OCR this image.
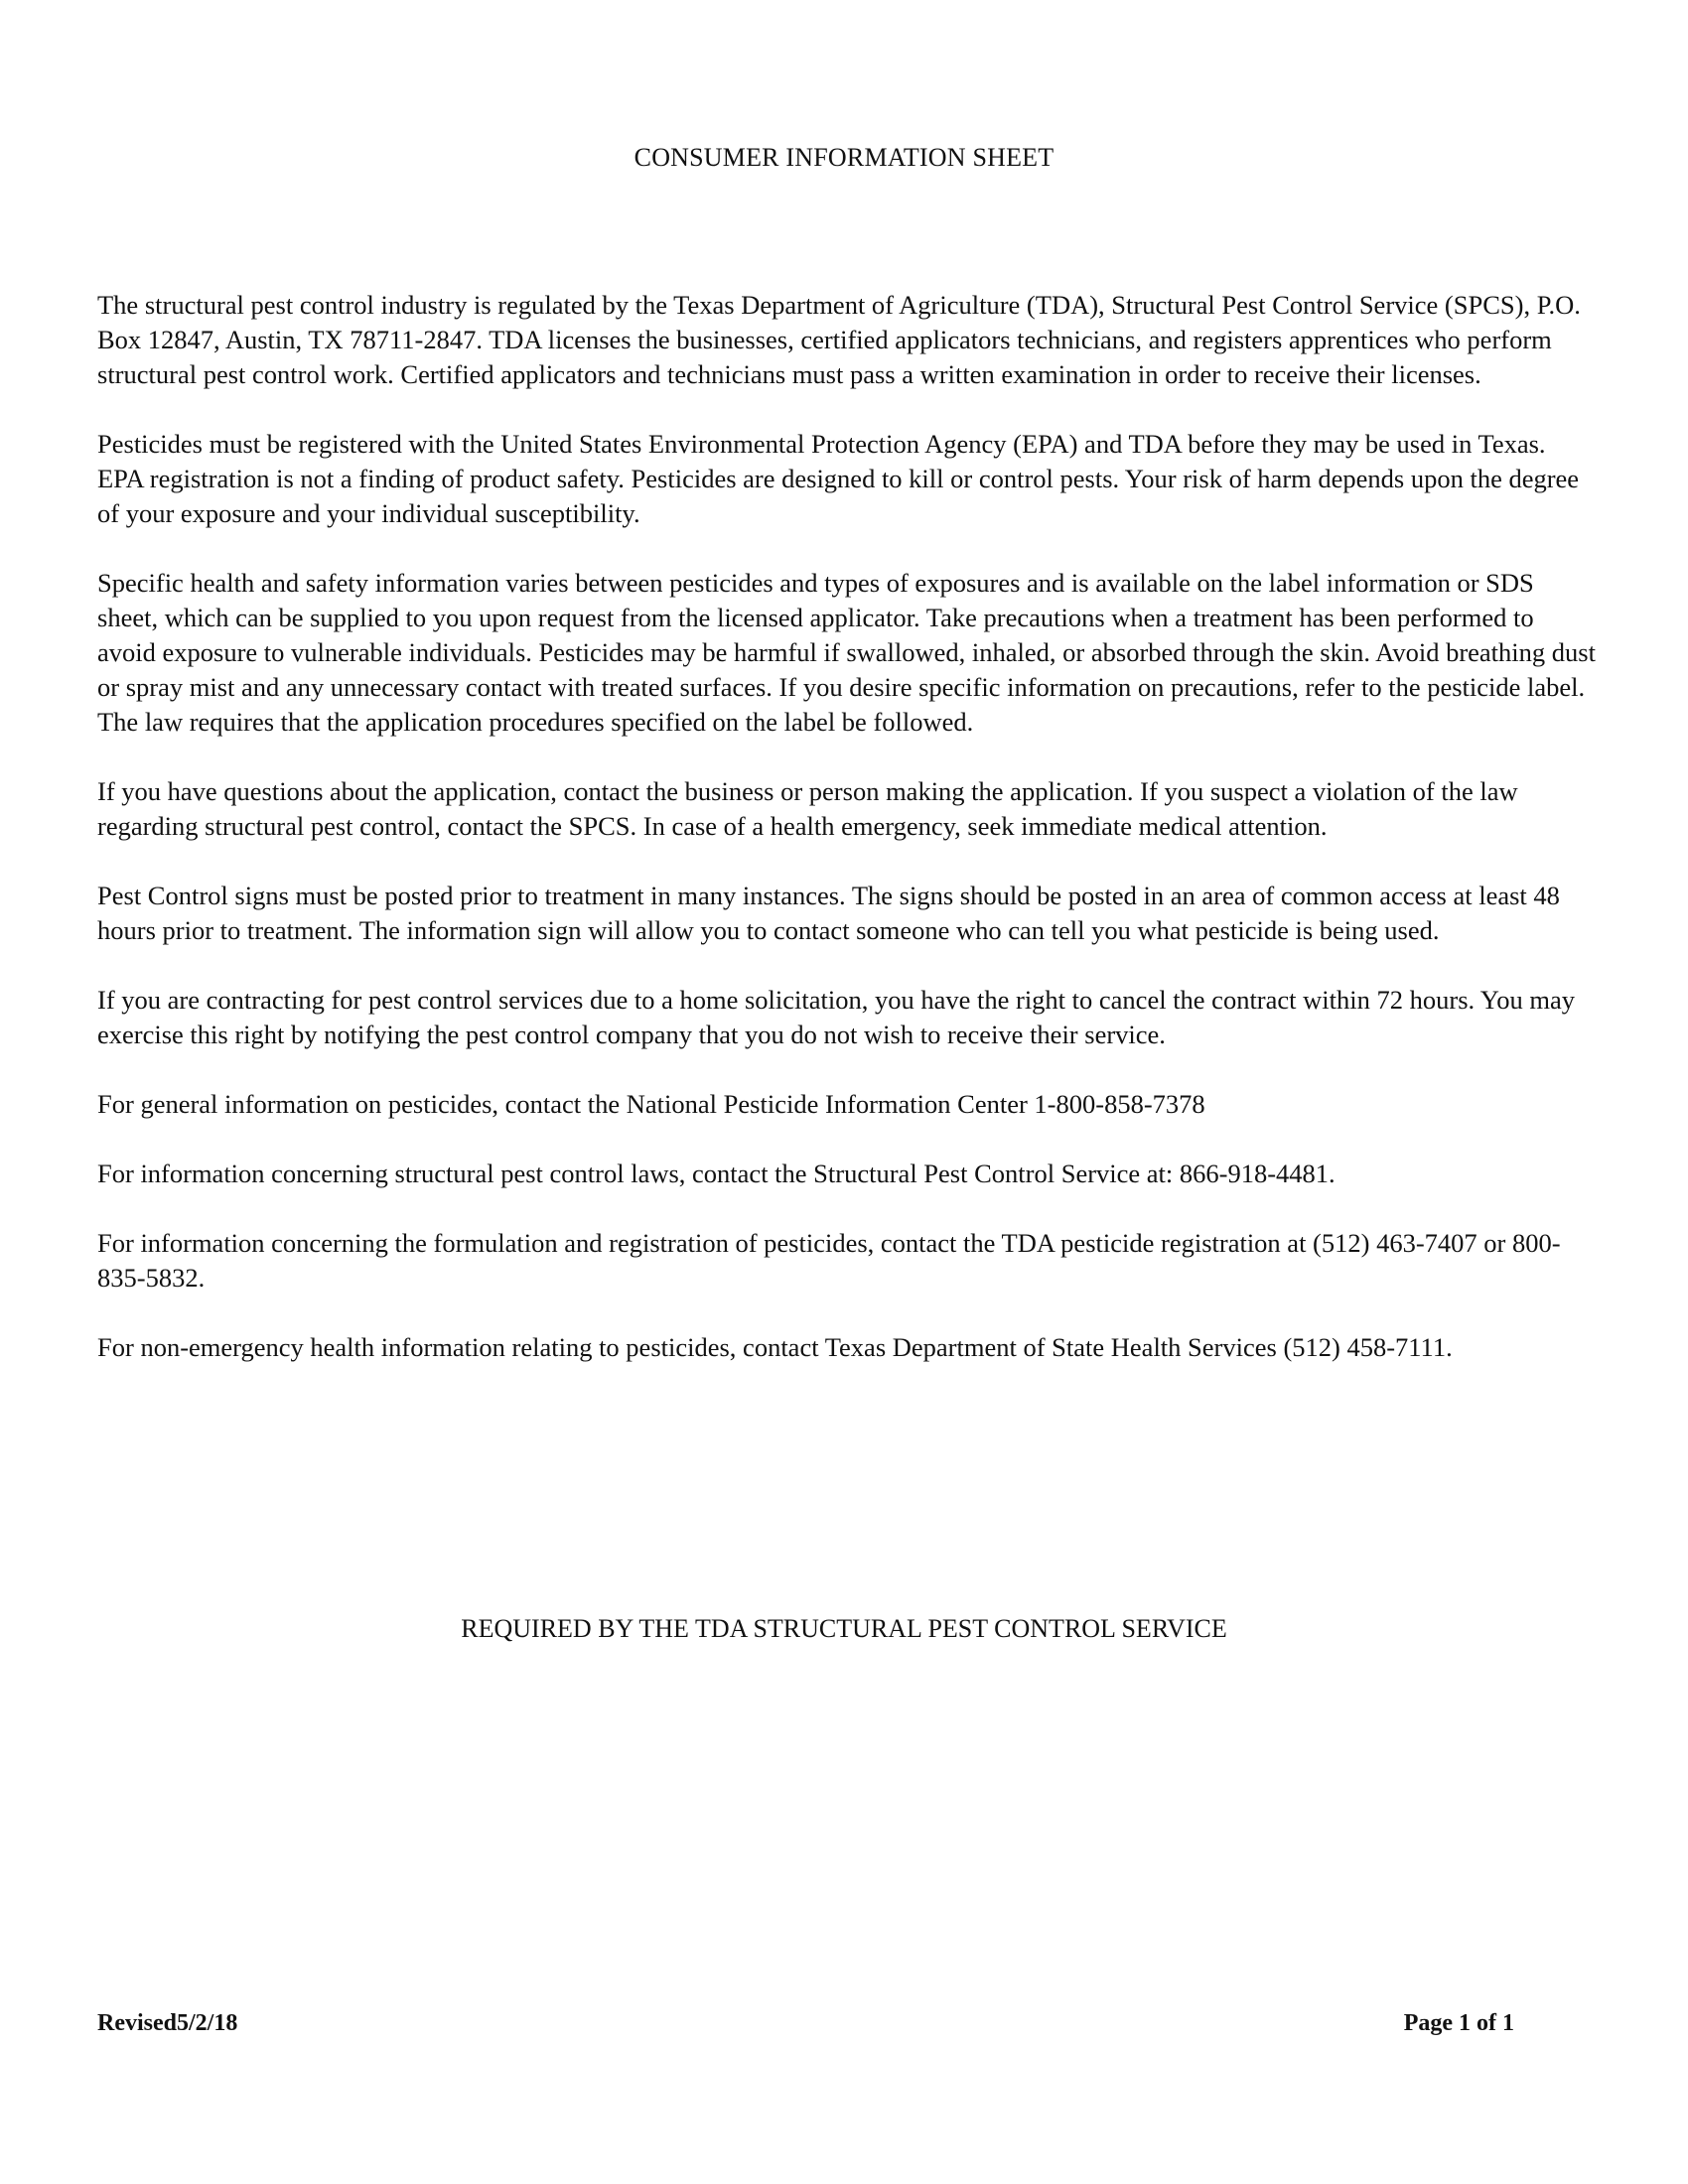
CONSUMER INFORMATION SHEET

The structural pest control industry is regulated by the Texas Department of Agriculture (TDA), Structural Pest Control Service (SPCS), P.O. Box 12847, Austin, TX 78711-2847. TDA licenses the businesses, certified applicators technicians, and registers apprentices who perform structural pest control work. Certified applicators and technicians must pass a written examination in order to receive their licenses.

Pesticides must be registered with the United States Environmental Protection Agency (EPA) and TDA before they may be used in Texas. EPA registration is not a finding of product safety. Pesticides are designed to kill or control pests. Your risk of harm depends upon the degree of your exposure and your individual susceptibility.

Specific health and safety information varies between pesticides and types of exposures and is available on the label information or SDS sheet, which can be supplied to you upon request from the licensed applicator. Take precautions when a treatment has been performed to avoid exposure to vulnerable individuals. Pesticides may be harmful if swallowed, inhaled, or absorbed through the skin. Avoid breathing dust or spray mist and any unnecessary contact with treated surfaces. If you desire specific information on precautions, refer to the pesticide label. The law requires that the application procedures specified on the label be followed.

If you have questions about the application, contact the business or person making the application. If you suspect a violation of the law regarding structural pest control, contact the SPCS. In case of a health emergency, seek immediate medical attention.

Pest Control signs must be posted prior to treatment in many instances. The signs should be posted in an area of common access at least 48 hours prior to treatment. The information sign will allow you to contact someone who can tell you what pesticide is being used.

If you are contracting for pest control services due to a home solicitation, you have the right to cancel the contract within 72 hours. You may exercise this right by notifying the pest control company that you do not wish to receive their service.

For general information on pesticides, contact the National Pesticide Information Center 1-800-858-7378

For information concerning structural pest control laws, contact the Structural Pest Control Service at: 866-918-4481.

For information concerning the formulation and registration of pesticides, contact the TDA pesticide registration at (512) 463-7407 or 800-835-5832.

For non-emergency health information relating to pesticides, contact Texas Department of State Health Services (512) 458-7111.

REQUIRED BY THE TDA STRUCTURAL PEST CONTROL SERVICE
Revised5/2/18	Page 1 of 1
